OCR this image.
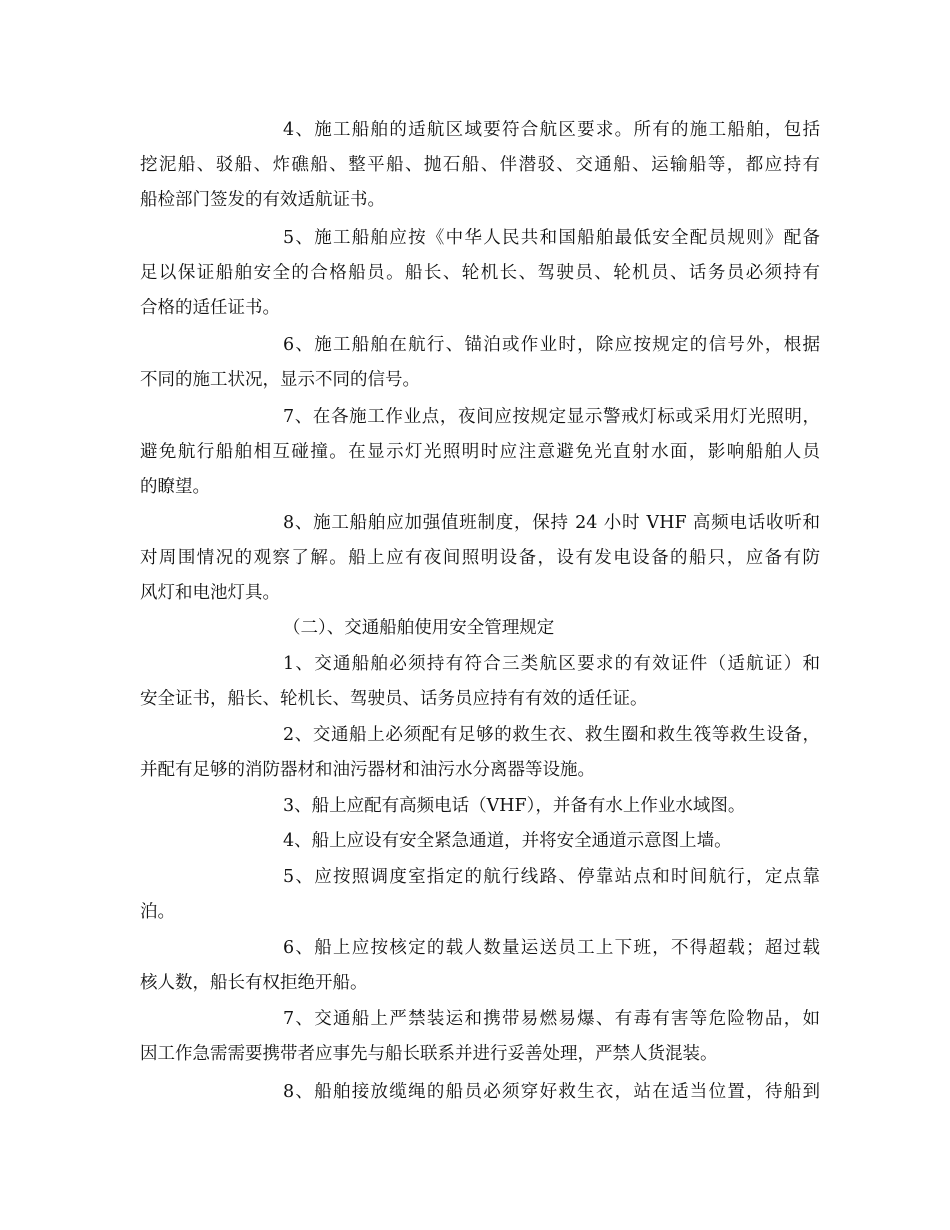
4、施工船舶的适航区域要符合航区要求。所有的施工船舶，包括
挖泥船、驳船、炸礁船、整平船、抛石船、伴潜驳、交通船、运输船等，都应持有
船检部门签发的有效适航证书。
5、施工船舶应按《中华人民共和国船舶最低安全配员规则》配备
足以保证船舶安全的合格船员。船长、轮机长、驾驶员、轮机员、话务员必须持有
合格的适任证书。
6、施工船舶在航行、锚泊或作业时，除应按规定的信号外，根据
不同的施工状况，显示不同的信号。
7、在各施工作业点，夜间应按规定显示警戒灯标或采用灯光照明，
避免航行船舶相互碰撞。在显示灯光照明时应注意避免光直射水面，影响船舶人员
的瞭望。
8、施工船舶应加强值班制度，保持 24 小时 VHF 高频电话收听和
对周围情况的观察了解。船上应有夜间照明设备，设有发电设备的船只，应备有防
风灯和电池灯具。
（二）、交通船舶使用安全管理规定
1、交通船舶必须持有符合三类航区要求的有效证件（适航证）和
安全证书，船长、轮机长、驾驶员、话务员应持有有效的适任证。
2、交通船上必须配有足够的救生衣、救生圈和救生筏等救生设备，
并配有足够的消防器材和油污器材和油污水分离器等设施。
3、船上应配有高频电话（VHF），并备有水上作业水域图。
4、船上应设有安全紧急通道，并将安全通道示意图上墙。
5、应按照调度室指定的航行线路、停靠站点和时间航行，定点靠
泊。
6、船上应按核定的载人数量运送员工上下班，不得超载；超过载
核人数，船长有权拒绝开船。
7、交通船上严禁装运和携带易燃易爆、有毒有害等危险物品，如
因工作急需需要携带者应事先与船长联系并进行妥善处理，严禁人货混装。
8、船舶接放缆绳的船员必须穿好救生衣，站在适当位置，待船到
